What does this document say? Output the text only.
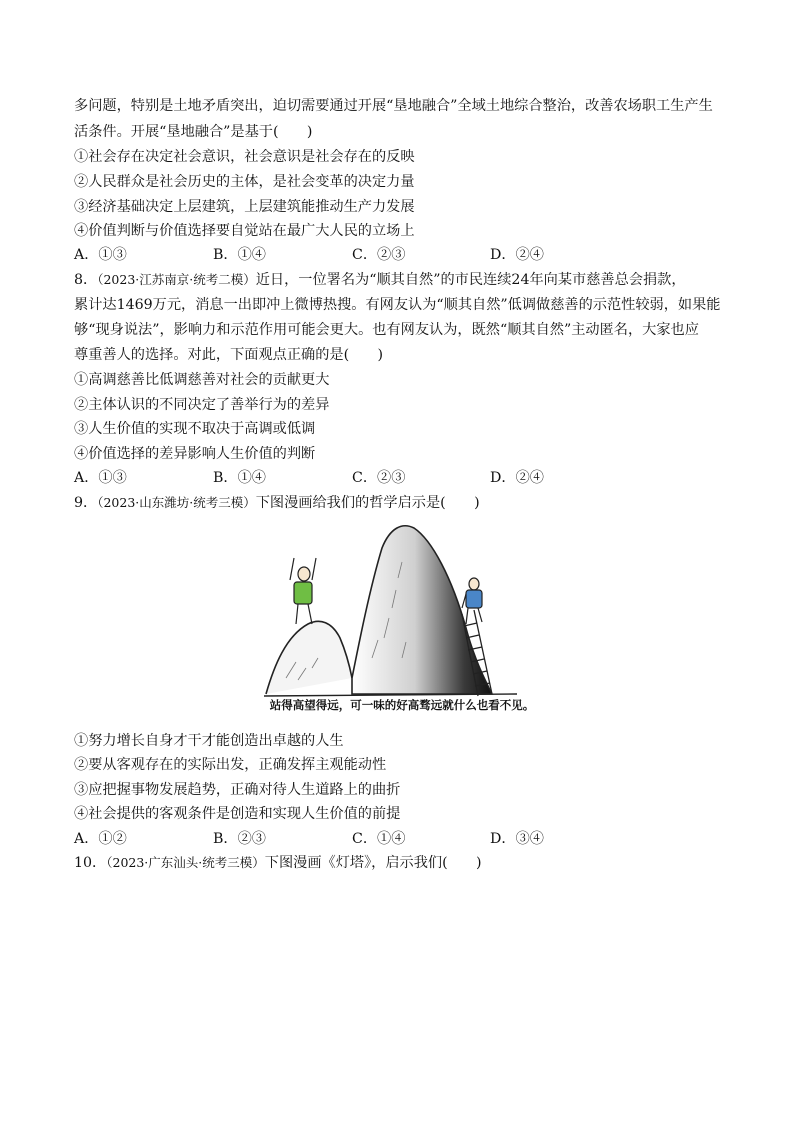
多问题，特别是土地矛盾突出，迫切需要通过开展“垦地融合”全域土地综合整治，改善农场职工生产生
活条件。开展“垦地融合”是基于(　　)
①社会存在决定社会意识，社会意识是社会存在的反映
②人民群众是社会历史的主体，是社会变革的决定力量
③经济基础决定上层建筑，上层建筑能推动生产力发展
④价值判断与价值选择要自觉站在最广大人民的立场上
A．①③	B．①④	C．②③	D．②④
8．（2023·江苏南京·统考二模）近日，一位署名为“顺其自然”的市民连续24年向某市慈善总会捐款，
累计达1469万元，消息一出即冲上微博热搜。有网友认为“顺其自然”低调做慈善的示范性较弱，如果能
够“现身说法”，影响力和示范作用可能会更大。也有网友认为，既然“顺其自然”主动匿名，大家也应
尊重善人的选择。对此，下面观点正确的是(　　)
①高调慈善比低调慈善对社会的贡献更大
②主体认识的不同决定了善举行为的差异
③人生价值的实现不取决于高调或低调
④价值选择的差异影响人生价值的判断
A．①③	B．①④	C．②③	D．②④
9．（2023·山东潍坊·统考三模）下图漫画给我们的哲学启示是(　　)
站得高望得远，可一味的好高骛远就什么也看不见。
①努力增长自身才干才能创造出卓越的人生
②要从客观存在的实际出发，正确发挥主观能动性
③应把握事物发展趋势，正确对待人生道路上的曲折
④社会提供的客观条件是创造和实现人生价值的前提
A．①②	B．②③	C．①④	D．③④
10．（2023·广东汕头·统考三模）下图漫画《灯塔》，启示我们(　　)
